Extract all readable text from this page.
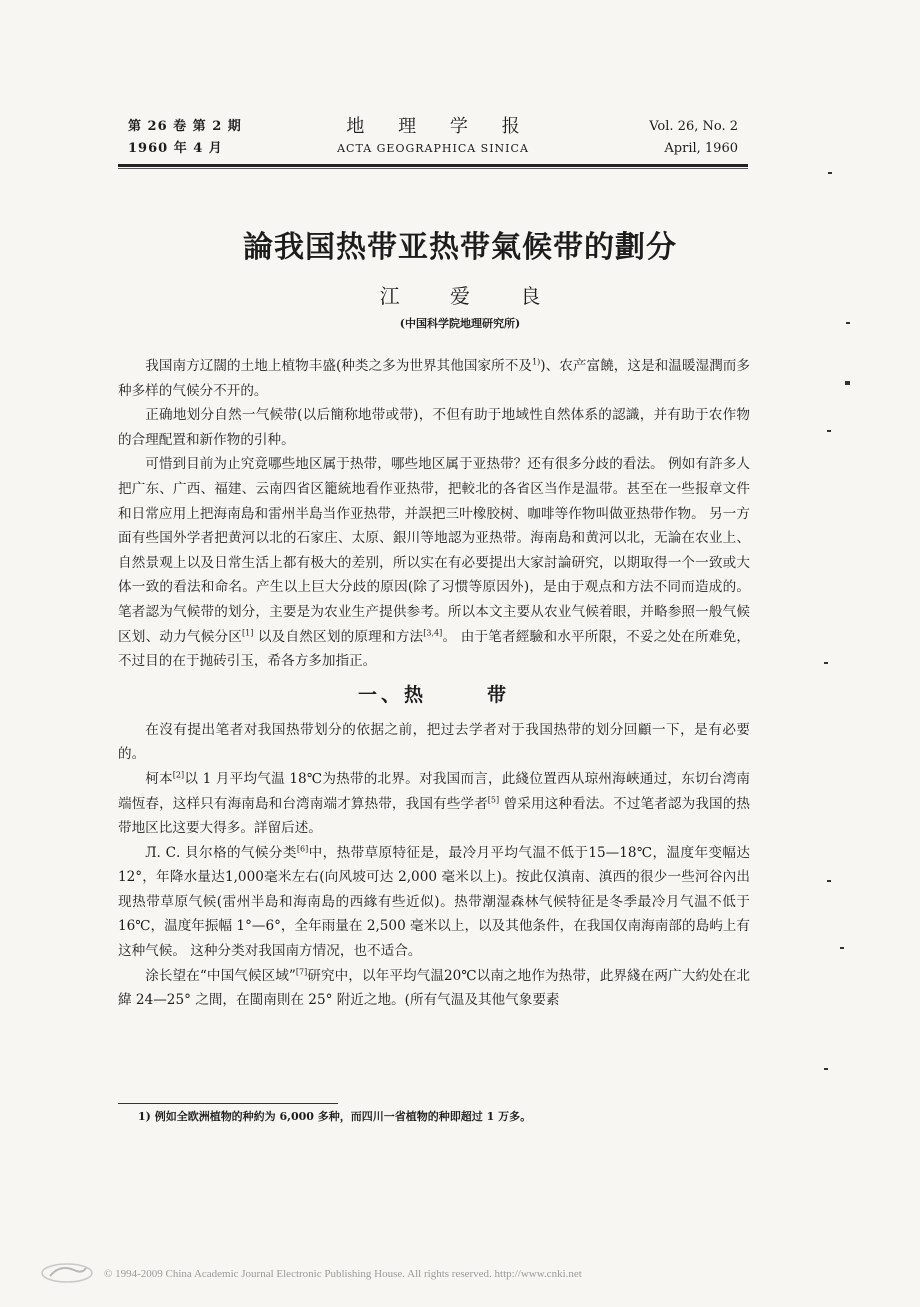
第 26 卷 第 2 期
1960 年 4 月
地 理 学 报
ACTA GEOGRAPHICA SINICA
Vol. 26, No. 2
April, 1960
論我国热带亚热带氣候带的劃分
江 爱 良
(中国科学院地理研究所)

我国南方辽闊的土地上植物丰盛(种类之多为世界其他国家所不及$^{1)}$)、农产富饒，这是和温暖湿潤而多种多样的气候分不开的。

正确地划分自然一气候带(以后簡称地带或带)，不但有助于地域性自然体系的認識，并有助于农作物的合理配置和新作物的引种。

可惜到目前为止究竟哪些地区属于热带，哪些地区属于亚热带？还有很多分歧的看法。 例如有許多人把广东、广西、福建、云南四省区籠統地看作亚热带，把較北的各省区当作是温带。甚至在一些报章文件和日常应用上把海南島和雷州半島当作亚热带，并誤把三叶橡胶树、咖啡等作物叫做亚热带作物。 另一方面有些国外学者把黄河以北的石家庄、太原、銀川等地認为亚热带。海南島和黄河以北，无論在农业上、自然景观上以及日常生活上都有极大的差别，所以实在有必要提出大家討論研究，以期取得一个一致或大体一致的看法和命名。产生以上巨大分歧的原因(除了习惯等原因外)，是由于观点和方法不同而造成的。笔者認为气候带的划分，主要是为农业生产提供参考。所以本文主要从农业气候着眼，并略参照一般气候区划、动力气候分区[1] 以及自然区划的原理和方法[3,4]。 由于笔者經驗和水平所限，不妥之处在所难免，不过目的在于抛砖引玉，希各方多加指正。

一、热	带

在沒有提出笔者对我国热带划分的依据之前，把过去学者对于我国热带的划分回顧一下，是有必要的。

柯本[2]以 1 月平均气温 18℃为热带的北界。对我国而言，此綫位置西从琼州海峽通过，东切台湾南端恆春，这样只有海南島和台湾南端才算热带，我国有些学者[5] 曾采用这种看法。不过笔者認为我国的热带地区比这要大得多。詳留后述。

Л. С. 貝尔格的气候分类[6]中，热带草原特征是，最冷月平均气温不低于15—18℃，温度年变幅达12°，年降水量达1,000毫米左右(向风坡可达 2,000 毫米以上)。按此仅滇南、滇西的很少一些河谷內出现热带草原气候(雷州半島和海南島的西緣有些近似)。热带潮湿森林气候特征是冬季最冷月气温不低于16℃，温度年振幅 1°—6°，全年雨量在 2,500 毫米以上，以及其他条件，在我国仅南海南部的島屿上有这种气候。 这种分类对我国南方情况，也不适合。

涂长望在“中国气候区域”[7]研究中，以年平均气温20℃以南之地作为热带，此界綫在两广大約处在北緯 24—25° 之間，在閩南則在 25° 附近之地。(所有气温及其他气象要素

1) 例如全欧洲植物的种約为 6,000 多种，而四川一省植物的种即超过 1 万多。
© 1994-2009 China Academic Journal Electronic Publishing House. All rights reserved. http://www.cnki.net
